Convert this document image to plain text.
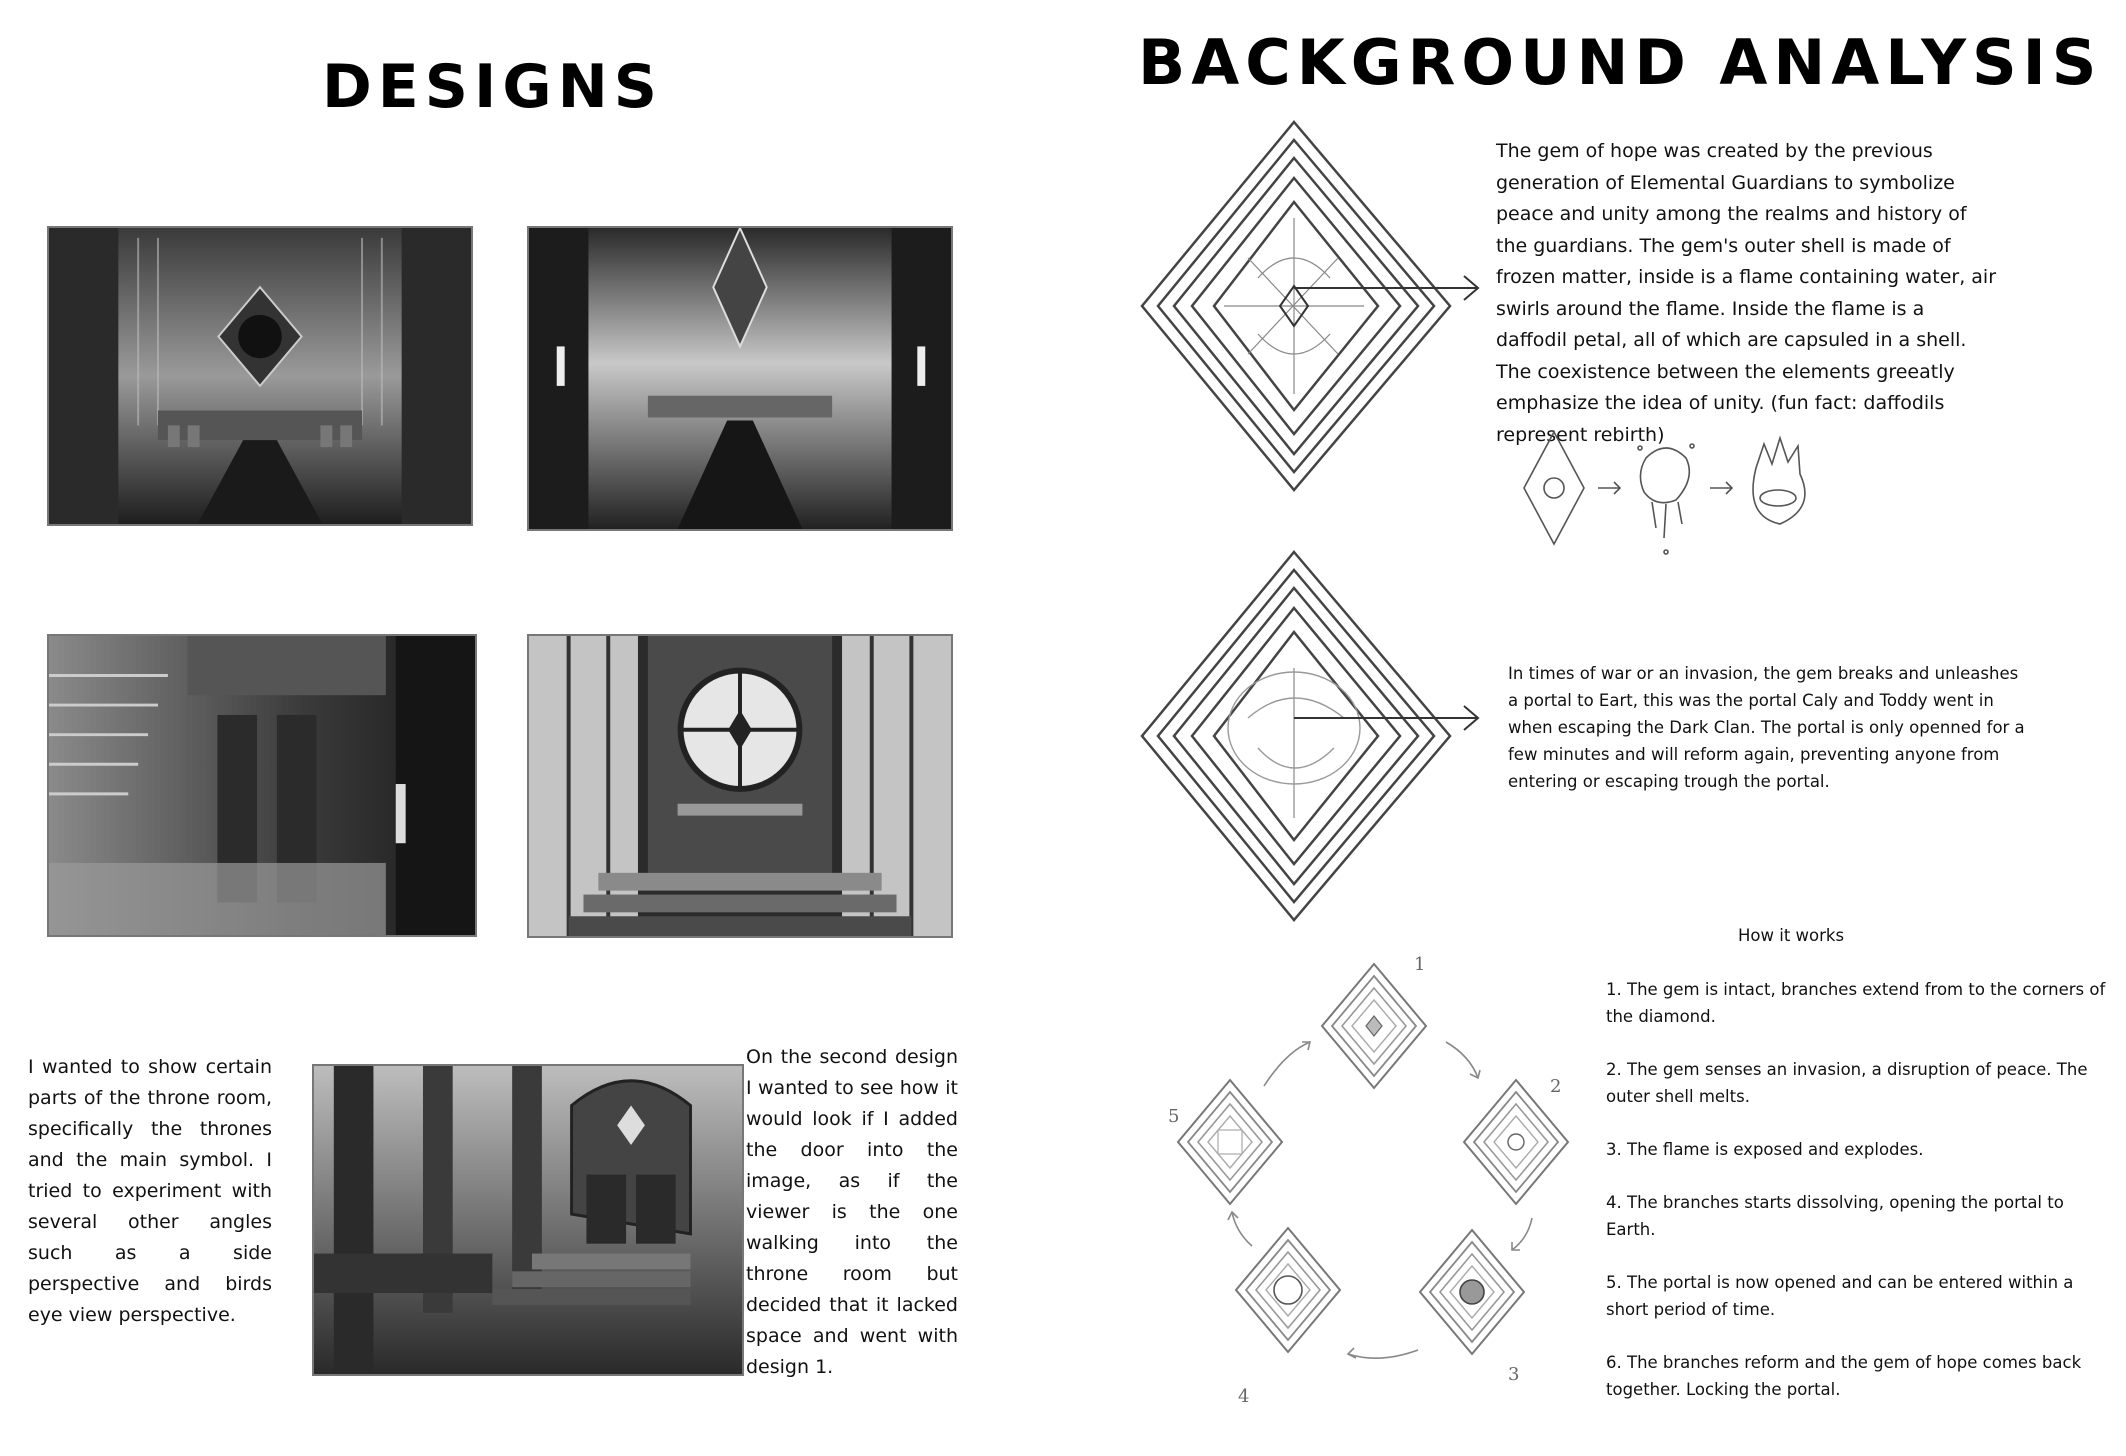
DESIGNS
I wanted to show certain parts of the throne room, specifically the thrones and the main symbol. I tried to experiment with several other angles such as a side perspective and birds eye view perspective.
On the second design I wanted to see how it would look if I added the door into the image, as if the viewer is the one walking into the throne room but decided that it lacked space and went with design 1.
BACKGROUND ANALYSIS
The gem of hope was created by the previous generation of Elemental Guardians to symbolize peace and unity among the realms and history of the guardians. The gem's outer shell is made of frozen matter, inside is a flame containing water, air swirls around the flame. Inside the flame is a daffodil petal, all of which are capsuled in a shell. The coexistence between the elements greeatly emphasize the idea of unity. (fun fact: daffodils represent rebirth)
In times of war or an invasion, the gem breaks and unleashes a portal to Eart, this was the portal Caly and Toddy went in when escaping the Dark Clan. The portal is only openned for a few minutes and will reform again, preventing anyone from entering or escaping trough the portal.
How it works
1
2
3
4
5

1. The gem is intact, branches extend from to the corners of the diamond.

2. The gem senses an invasion, a disruption of peace. The outer shell melts.

3. The flame is exposed and explodes.

4. The branches starts dissolving, opening the portal to Earth.

5. The portal is now opened and can be entered within a short period of time.

6. The branches reform and the gem of hope comes back together. Locking the portal.
